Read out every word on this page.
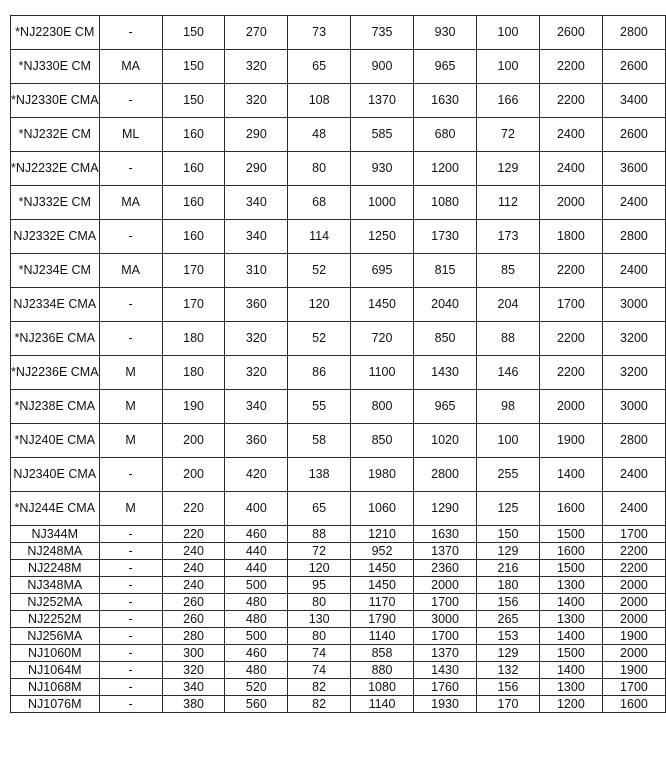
*NJ2230E CM	-	150	270	73	735	930	100	2600	2800
*NJ330E CM	MA	150	320	65	900	965	100	2200	2600
*NJ2330E CMA	-	150	320	108	1370	1630	166	2200	3400
*NJ232E CM	ML	160	290	48	585	680	72	2400	2600
*NJ2232E CMA	-	160	290	80	930	1200	129	2400	3600
*NJ332E CM	MA	160	340	68	1000	1080	112	2000	2400
NJ2332E CMA	-	160	340	114	1250	1730	173	1800	2800
*NJ234E CM	MA	170	310	52	695	815	85	2200	2400
NJ2334E CMA	-	170	360	120	1450	2040	204	1700	3000
*NJ236E CMA	-	180	320	52	720	850	88	2200	3200
*NJ2236E CMA	M	180	320	86	1100	1430	146	2200	3200
*NJ238E CMA	M	190	340	55	800	965	98	2000	3000
*NJ240E CMA	M	200	360	58	850	1020	100	1900	2800
NJ2340E CMA	-	200	420	138	1980	2800	255	1400	2400
*NJ244E CMA	M	220	400	65	1060	1290	125	1600	2400
NJ344M	-	220	460	88	1210	1630	150	1500	1700
NJ248MA	-	240	440	72	952	1370	129	1600	2200
NJ2248M	-	240	440	120	1450	2360	216	1500	2200
NJ348MA	-	240	500	95	1450	2000	180	1300	2000
NJ252MA	-	260	480	80	1170	1700	156	1400	2000
NJ2252M	-	260	480	130	1790	3000	265	1300	2000
NJ256MA	-	280	500	80	1140	1700	153	1400	1900
NJ1060M	-	300	460	74	858	1370	129	1500	2000
NJ1064M	-	320	480	74	880	1430	132	1400	1900
NJ1068M	-	340	520	82	1080	1760	156	1300	1700
NJ1076M	-	380	560	82	1140	1930	170	1200	1600
